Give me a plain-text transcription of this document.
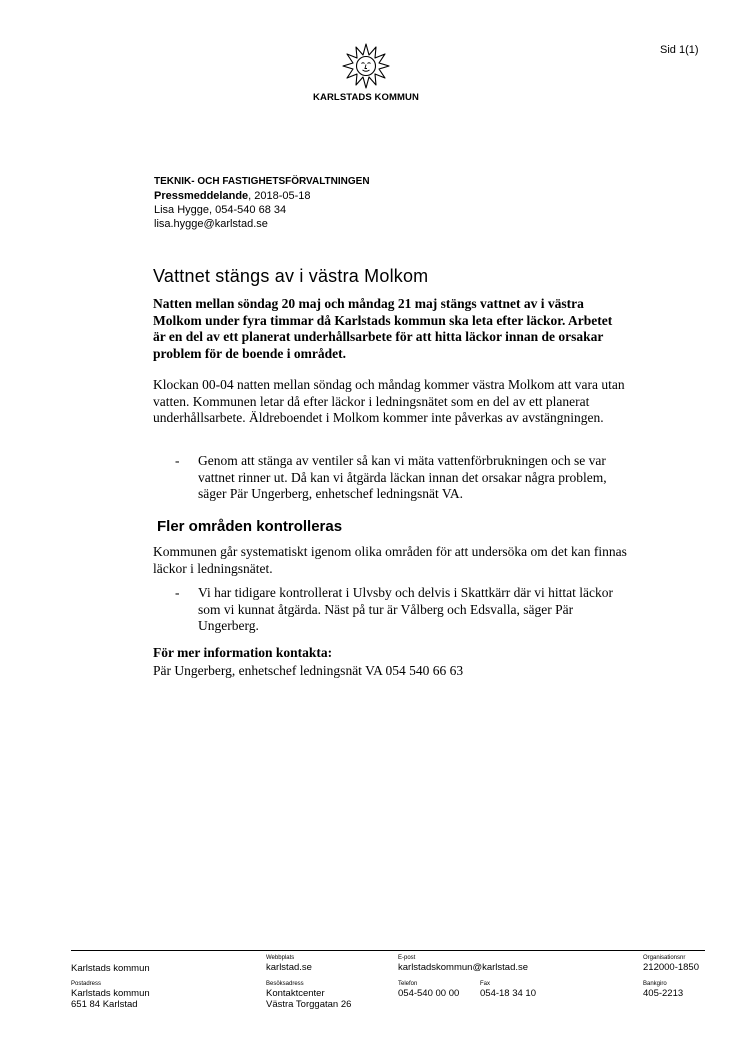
Sid 1(1)
KARLSTADS KOMMUN
TEKNIK- OCH FASTIGHETSFÖRVALTNINGEN
Pressmeddelande, 2018-05-18
Lisa Hygge, 054-540 68 34
lisa.hygge@karlstad.se
Vattnet stängs av i västra Molkom

Natten mellan söndag 20 maj och måndag 21 maj stängs vattnet av i västra Molkom under fyra timmar då Karlstads kommun ska leta efter läckor. Arbetet är en del av ett planerat underhållsarbete för att hitta läckor innan de orsakar problem för de boende i området.

Klockan 00-04 natten mellan söndag och måndag kommer västra Molkom att vara utan vatten. Kommunen letar då efter läckor i ledningsnätet som en del av ett planerat underhållsarbete. Äldreboendet i Molkom kommer inte påverkas av avstängningen.

- Genom att stänga av ventiler så kan vi mäta vattenförbrukningen och se var vattnet rinner ut. Då kan vi åtgärda läckan innan det orsakar några problem, säger Pär Ungerberg, enhetschef ledningsnät VA.
Fler områden kontrolleras

Kommunen går systematiskt igenom olika områden för att undersöka om det kan finnas läckor i ledningsnätet.

- Vi har tidigare kontrollerat i Ulvsby och delvis i Skattkärr där vi hittat läckor som vi kunnat åtgärda. Näst på tur är Vålberg och Edsvalla, säger Pär Ungerberg.
För mer information kontakta:
Pär Ungerberg, enhetschef ledningsnät VA 054 540 66 63
Karlstads kommun
Webbplats
karlstad.se
E-post
karlstadskommun@karlstad.se
Organisationsnr
212000-1850
Postadress
Karlstads kommun
651 84 Karlstad
Besöksadress
Kontaktcenter
Västra Torggatan 26
Telefon
054-540 00 00
Fax
054-18 34 10
Bankgiro
405-2213
